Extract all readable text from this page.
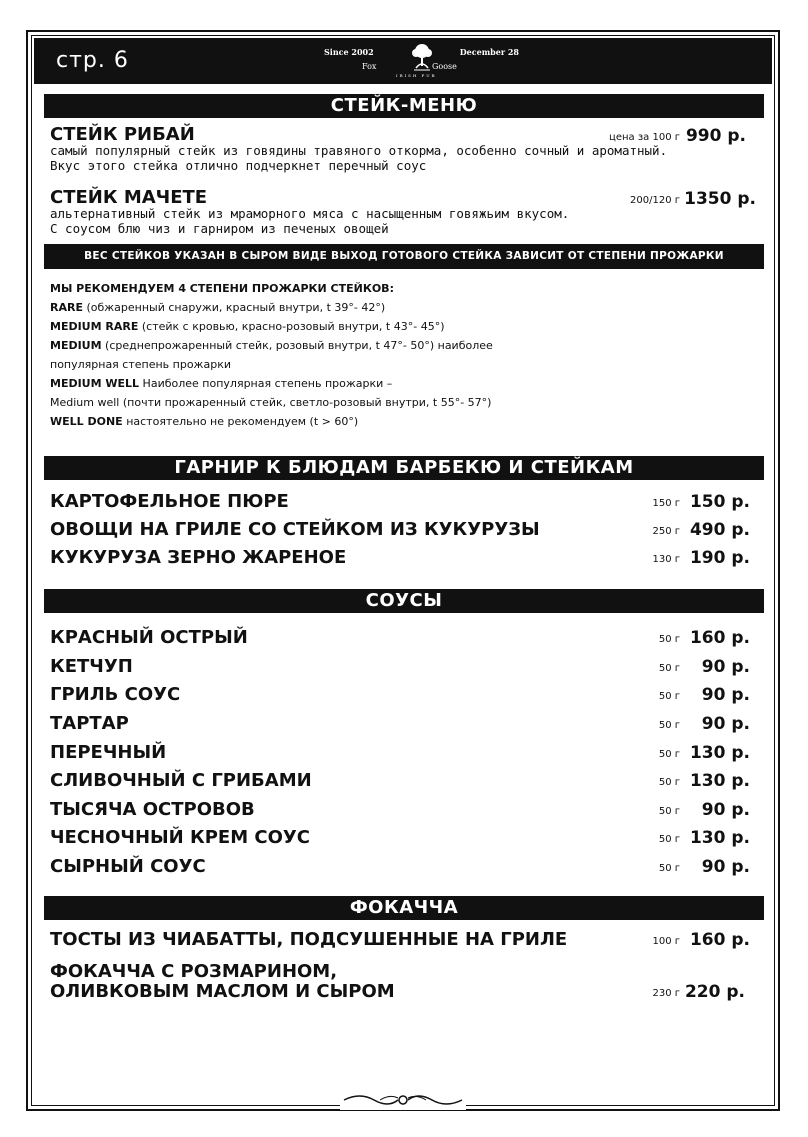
стр. 6	Since 2002	December 28
Fox	Goose
IRISH PUB
СТЕЙК-МЕНЮ
СТЕЙК РИБАЙ	цена за 100 г 990 р.
самый популярный стейк из говядины травяного откорма, особенно сочный и ароматный.
Вкус этого стейка отлично подчеркнет перечный соус
СТЕЙК МАЧЕТЕ	200/120 г 1350 р.
альтернативный стейк из мраморного мяса с насыщенным говяжьим вкусом.
С соусом блю чиз и гарниром из печеных овощей
ВЕС СТЕЙКОВ УКАЗАН В СЫРОМ ВИДЕ ВЫХОД ГОТОВОГО СТЕЙКА ЗАВИСИТ ОТ СТЕПЕНИ ПРОЖАРКИ
МЫ РЕКОМЕНДУЕМ 4 СТЕПЕНИ ПРОЖАРКИ СТЕЙКОВ:
RARE (обжаренный снаружи, красный внутри, t 39°- 42°)
MEDIUM RARE (стейк с кровью, красно-розовый внутри, t 43°- 45°)
MEDIUM (среднепрожаренный стейк, розовый внутри, t 47°- 50°) наиболее
популярная степень прожарки
MEDIUM WELL Наиболее популярная степень прожарки –
Medium well (почти прожаренный стейк, светло-розовый внутри, t 55°- 57°)
WELL DONE настоятельно не рекомендуем (t > 60°)
ГАРНИР К БЛЮДАМ БАРБЕКЮ И СТЕЙКАМ
КАРТОФЕЛЬНОЕ ПЮРЕ	150 г 150 р.
ОВОЩИ НА ГРИЛЕ СО СТЕЙКОМ ИЗ КУКУРУЗЫ	250 г 490 р.
КУКУРУЗА ЗЕРНО ЖАРЕНОЕ	130 г 190 р.
СОУСЫ
КРАСНЫЙ ОСТРЫЙ	50 г 160 р.
КЕТЧУП	50 г 90 р.
ГРИЛЬ СОУС	50 г 90 р.
ТАРТАР	50 г 90 р.
ПЕРЕЧНЫЙ	50 г 130 р.
СЛИВОЧНЫЙ С ГРИБАМИ	50 г 130 р.
ТЫСЯЧА ОСТРОВОВ	50 г 90 р.
ЧЕСНОЧНЫЙ КРЕМ СОУС	50 г 130 р.
СЫРНЫЙ СОУС	50 г 90 р.
ФОКАЧЧА
ТОСТЫ ИЗ ЧИАБАТТЫ, ПОДСУШЕННЫЕ НА ГРИЛЕ	100 г 160 р.
ФОКАЧЧА С РОЗМАРИНОМ,
ОЛИВКОВЫМ МАСЛОМ И СЫРОМ	230 г 220 р.
